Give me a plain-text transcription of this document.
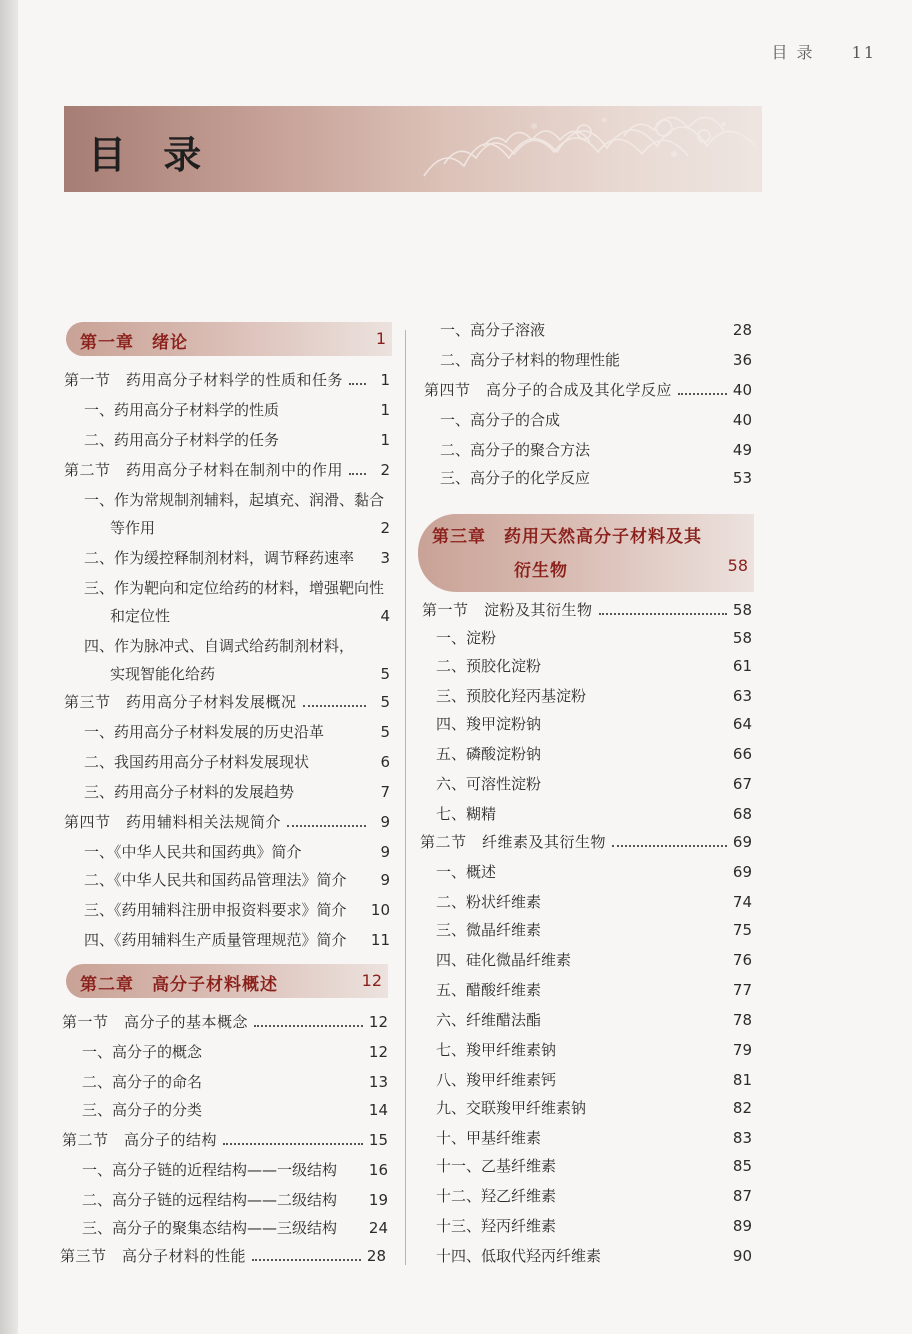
目 录 11
目 录
第一章　绪论	1
第一节　药用高分子材料学的性质和任务	1
一、药用高分子材料学的性质	1
二、药用高分子材料学的任务	1
第二节　药用高分子材料在制剂中的作用	2
一、作为常规制剂辅料，起填充、润滑、黏合
等作用	2
二、作为缓控释制剂材料，调节释药速率	3
三、作为靶向和定位给药的材料，增强靶向性
和定位性	4
四、作为脉冲式、自调式给药制剂材料，
实现智能化给药	5
第三节　药用高分子材料发展概况	5
一、药用高分子材料发展的历史沿革	5
二、我国药用高分子材料发展现状	6
三、药用高分子材料的发展趋势	7
第四节　药用辅料相关法规简介	9
一、《中华人民共和国药典》简介	9
二、《中华人民共和国药品管理法》简介	9
三、《药用辅料注册申报资料要求》简介 10
四、《药用辅料生产质量管理规范》简介 11
第二章　高分子材料概述	12
第一节　高分子的基本概念	12
一、高分子的概念	12
二、高分子的命名	13
三、高分子的分类	14
第二节　高分子的结构	15
一、高分子链的近程结构——一级结构 16
二、高分子链的远程结构——二级结构 19
三、高分子的聚集态结构——三级结构 24
第三节　高分子材料的性能	28
一、高分子溶液	28
二、高分子材料的物理性能	36
第四节　高分子的合成及其化学反应	40
一、高分子的合成	40
二、高分子的聚合方法	49
三、高分子的化学反应	53
第三章　药用天然高分子材料及其
衍生物	58
第一节　淀粉及其衍生物	58
一、淀粉	58
二、预胶化淀粉	61
三、预胶化羟丙基淀粉	63
四、羧甲淀粉钠	64
五、磷酸淀粉钠	66
六、可溶性淀粉	67
七、糊精	68
第二节　纤维素及其衍生物	69
一、概述	69
二、粉状纤维素	74
三、微晶纤维素	75
四、硅化微晶纤维素	76
五、醋酸纤维素	77
六、纤维醋法酯	78
七、羧甲纤维素钠	79
八、羧甲纤维素钙	81
九、交联羧甲纤维素钠	82
十、甲基纤维素	83
十一、乙基纤维素	85
十二、羟乙纤维素	87
十三、羟丙纤维素	89
十四、低取代羟丙纤维素	90
